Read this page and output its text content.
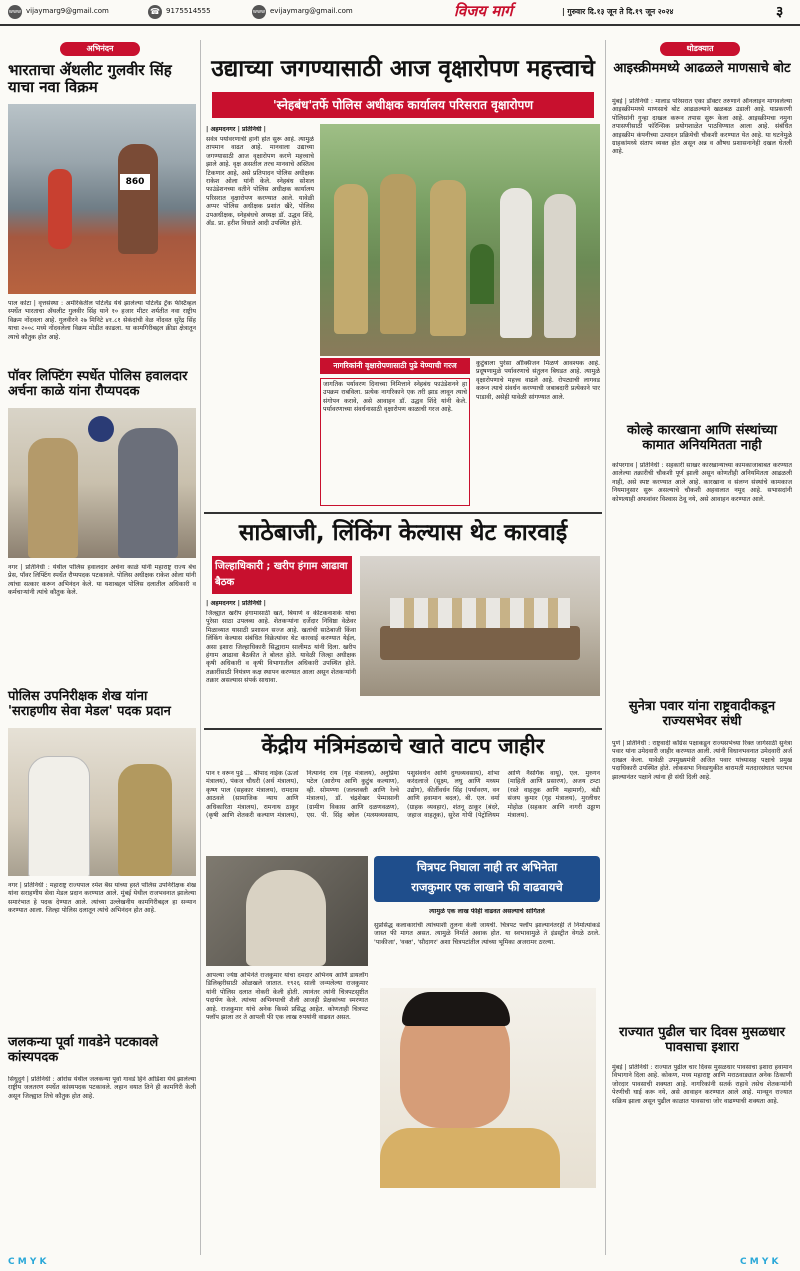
www vijaymarg9@gmail.com	☎ 9175514555	www evijaymarg@gmail.com	विजय मार्ग	| गुरुवार दि.१३ जून ते दि.१९ जून २०२४	३
अभिनंदन
भारताचा ॲथलीट गुलवीर सिंह याचा नवा विक्रम
860
पाल कोटा | वृत्तसंस्था : अमेरिकेतील पोर्टलँड येथे झालेल्या पोर्टलँड ट्रॅक फेस्टिव्हल स्पर्धेत भारताचा ॲथलीट गुलवीर सिंह याने १० हजार मीटर शर्यतीत नवा राष्ट्रीय विक्रम नोंदवला आहे. गुलवीरने २७ मिनिटे ४१.८१ सेकंदांची वेळ नोंदवत सुरेंद्र सिंह याचा २००८ मध्ये नोंदवलेला विक्रम मोडीत काढला. या कामगिरीबद्दल क्रीडा क्षेत्रातून त्याचे कौतुक होत आहे.
पॉवर लिफ्टिंग स्पर्धेत पोलिस हवालदार अर्चना काळे यांना रौप्यपदक
नगर | प्रतिनिधी : येथील पोलिस हवालदार अर्चना काळे यांनी महाराष्ट्र राज्य बेंच प्रेस, पॉवर लिफ्टिंग स्पर्धेत रौप्यपदक पटकावले. पोलिस अधीक्षक राकेश ओला यांनी त्यांचा सत्कार करून अभिनंदन केले. या यशाबद्दल पोलिस दलातील अधिकारी व कर्मचाऱ्यांनी त्यांचे कौतुक केले.
पोलिस उपनिरीक्षक शेख यांना 'सराहणीय सेवा मेडल' पदक प्रदान
नगर | प्रतिनिधी : महाराष्ट्र राज्यपाल रमेश बैस यांच्या हस्ते पोलिस उपनिरीक्षक शेख यांना सराहणीय सेवा मेडल प्रदान करण्यात आले. मुंबई येथील राजभवनात झालेल्या समारंभात हे पदक देण्यात आले. त्यांच्या उल्लेखनीय कामगिरीबद्दल हा सन्मान करण्यात आला. जिल्हा पोलिस दलातून त्यांचे अभिनंदन होत आहे.
जलकन्या पूर्वा गावडेने पटकावले कांस्यपदक
सिंधुदुर्ग | प्रतिनिधी : ओरोस येथील जलकन्या पूर्वा गावडे हिने ओडिशा येथे झालेल्या राष्ट्रीय जलतरण स्पर्धेत कांस्यपदक पटकावले. लहान वयात तिने ही कामगिरी केली असून जिल्ह्यात तिचे कौतुक होत आहे.
उद्याच्या जगण्यासाठी आज वृक्षारोपण महत्त्वाचे
'स्नेहबंध'तर्फे पोलिस अधीक्षक कार्यालय परिसरात वृक्षारोपण
| अहमदनगर | प्रतिनिधी |
सर्वत्र पर्यावरणाची हानी होत सुरू आहे. त्यामुळे तापमान वाढत आहे. मानवाला उद्याच्या जगण्यासाठी आज वृक्षारोपण करणे महत्त्वाचे झाले आहे. वृक्ष असतील तरच मानवाचे अस्तित्व टिकणार आहे, असे प्रतिपादन पोलिस अधीक्षक राकेश ओला यांनी केले. स्नेहबंध सोशल फाउंडेशनच्या वतीने पोलिस अधीक्षक कार्यालय परिसरात वृक्षारोपण करण्यात आले. यावेळी अप्पर पोलिस अधीक्षक प्रशांत खैरे, पोलिस उपअधीक्षक, स्नेहबंधचे अध्यक्ष डॉ. उद्धव शिंदे, ॲड. प्रा. हरीश विधाते आदी उपस्थित होते.
नागरिकांनी वृक्षारोपणासाठी पुढे येण्याची गरज
जागतिक पर्यावरण दिनाच्या निमित्ताने स्नेहबंध फाउंडेशनने हा उपक्रम राबविला. प्रत्येक नागरिकाने एक तरी झाड लावून त्याचे संगोपन करावे, असे आवाहन डॉ. उद्धव शिंदे यांनी केले. पर्यावरणाच्या संवर्धनासाठी वृक्षारोपण काळाची गरज आहे.
कुटुंबाला पुरेसा ऑक्सिजन मिळणे आवश्यक आहे. प्रदूषणामुळे पर्यावरणाचे संतुलन बिघडत आहे. त्यामुळे वृक्षारोपणाचे महत्त्व वाढले आहे. रोपट्याची लागवड करून त्याचे संवर्धन करण्याची जबाबदारी प्रत्येकाने पार पाडावी, असेही यावेळी सांगण्यात आले.
साठेबाजी, लिंकिंग केल्यास थेट कारवाई
जिल्हाधिकारी ; खरीप हंगाम आढावा बैठक
| अहमदनगर | प्रतिनिधी |
जिल्ह्यात खरीप हंगामासाठी खते, बियाणे व कीटकनाशके यांचा पुरेसा साठा उपलब्ध आहे. शेतकऱ्यांना दर्जेदार निविष्ठा वेळेवर मिळाव्यात यासाठी प्रशासन सज्ज आहे. खतांची साठेबाजी किंवा लिंकिंग केल्यास संबंधित विक्रेत्यांवर थेट कारवाई करण्यात येईल, असा इशारा जिल्हाधिकारी सिद्धाराम सालीमठ यांनी दिला. खरीप हंगाम आढावा बैठकीत ते बोलत होते. यावेळी जिल्हा अधीक्षक कृषी अधिकारी व कृषी विभागातील अधिकारी उपस्थित होते. तक्रारींसाठी नियंत्रण कक्ष स्थापन करण्यात आला असून शेतकऱ्यांनी तक्रार असल्यास संपर्क साधावा.
केंद्रीय मंत्रिमंडळाचे खाते वाटप जाहीर
पान १ वरून पुढे ... श्रीपाद नाईक (ऊर्जा मंत्रालय), पंकज चौधरी (अर्थ मंत्रालय), कृष्ण पाल (सहकार मंत्रालय), रामदास आठवले (सामाजिक न्याय आणि अधिकारिता मंत्रालय), रामनाथ ठाकूर (कृषी आणि शेतकरी कल्याण मंत्रालय), नित्यानंद राय (गृह मंत्रालय), अनुप्रिया पटेल (आरोग्य आणि कुटुंब कल्याण), व्ही. सोमण्णा (जलशक्ती आणि रेल्वे मंत्रालय), डॉ. चंद्रशेखर पेम्मासानी (ग्रामीण विकास आणि दळणवळण), एस. पी. सिंह बघेल (मत्स्यव्यवसाय, पशुसंवर्धन आणि दुग्धव्यवसाय), शोभा करंदलाजे (सूक्ष्म, लघु आणि मध्यम उद्योग), कीर्तीवर्धन सिंह (पर्यावरण, वन आणि हवामान बदल), बी. एल. वर्मा (ग्राहक व्यवहार), शंतनू ठाकूर (बंदरे, जहाज वाहतूक), सुरेश गोपी (पेट्रोलियम आणि नैसर्गिक वायू), एल. मुरुगन (माहिती आणि प्रसारण), अजय टम्टा (रस्ते वाहतूक आणि महामार्ग), बंडी संजय कुमार (गृह मंत्रालय), मुरलीधर मोहोळ (सहकार आणि नागरी उड्डाण मंत्रालय).
चित्रपट निघाला नाही तर अभिनेता
राजकुमार एक लाखाने फी वाढवायचे
आपल्या ज्येष्ठ अभिनेते राजकुमार यांचा दमदार अभिनय आणि डायलॉग डिलिव्हरीसाठी ओळखले जातात. १९२६ साली जन्मलेल्या राजकुमार यांनी पोलिस दलात नोकरी केली होती. त्यानंतर त्यांनी चित्रपटसृष्टीत पदार्पण केले. त्यांच्या अभिनयाची शैली आजही प्रेक्षकांच्या स्मरणात आहे. राजकुमार यांचे अनेक किस्से प्रसिद्ध आहेत. कोणताही चित्रपट फ्लॉप झाला तर ते आपली फी एक लाख रुपयांनी वाढवत असत.
त्यामुळे एक लाख फीही वाढवत असल्याचे सांगितले
सुप्रसिद्ध कलाकारांची त्यांच्याशी तुलना केली जायची. चित्रपट फ्लॉप झाल्यानंतरही ते निर्मात्यांकडे जास्त फी मागत असत. त्यामुळे निर्माते अवाक होत. या स्वभावामुळे ते इंडस्ट्रीत वेगळे ठरले. 'पाकीजा', 'वक्त', 'सौदागर' अशा चित्रपटांतील त्यांच्या भूमिका अजरामर ठरल्या.
थोडक्यात
आइस्क्रीममध्ये आढळले माणसाचे बोट
मुंबई | प्रतिनिधी : मालाड परिसरात एका डॉक्टर तरुणाने ऑनलाइन मागवलेल्या आइस्क्रीममध्ये माणसाचे बोट आढळल्याने खळबळ उडाली आहे. याप्रकरणी पोलिसांनी गुन्हा दाखल करून तपास सुरू केला आहे. आइस्क्रीमचा नमुना तपासणीसाठी फॉरेन्सिक प्रयोगशाळेत पाठविण्यात आला आहे. संबंधित आइस्क्रीम कंपनीच्या उत्पादन प्रक्रियेची चौकशी करण्यात येत आहे. या घटनेमुळे ग्राहकांमध्ये संताप व्यक्त होत असून अन्न व औषध प्रशासनानेही दखल घेतली आहे.
कोल्हे कारखाना आणि संस्थांच्या कामात अनियमितता नाही
कोपरगाव | प्रतिनिधी : सहकारी साखर कारखान्याच्या कामकाजाबाबत करण्यात आलेल्या तक्रारीची चौकशी पूर्ण झाली असून कोणतीही अनियमितता आढळली नाही, असे स्पष्ट करण्यात आले आहे. कारखाना व संलग्न संस्थांचे कामकाज नियमानुसार सुरू असल्याचे चौकशी अहवालात नमूद आहे. सभासदांनी कोणत्याही अफवांवर विश्वास ठेवू नये, असे आवाहन करण्यात आले.
सुनेत्रा पवार यांना राष्ट्रवादीकडून राज्यसभेवर संधी
पुणे | प्रतिनिधी : राष्ट्रवादी काँग्रेस पक्षाकडून राज्यसभेच्या रिक्त जागेसाठी सुनेत्रा पवार यांना उमेदवारी जाहीर करण्यात आली. त्यांनी विधानभवनात उमेदवारी अर्ज दाखल केला. यावेळी उपमुख्यमंत्री अजित पवार यांच्यासह पक्षाचे प्रमुख पदाधिकारी उपस्थित होते. लोकसभा निवडणुकीत बारामती मतदारसंघात पराभव झाल्यानंतर पक्षाने त्यांना ही संधी दिली आहे.
राज्यात पुढील चार दिवस मुसळधार पावसाचा इशारा
मुंबई | प्रतिनिधी : राज्यात पुढील चार दिवस मुसळधार पावसाचा इशारा हवामान विभागाने दिला आहे. कोकण, मध्य महाराष्ट्र आणि मराठवाड्यात अनेक ठिकाणी जोरदार पावसाची शक्यता आहे. नागरिकांनी सतर्क राहावे तसेच शेतकऱ्यांनी पेरणीची घाई करू नये, असे आवाहन करण्यात आले आहे. मान्सून राज्यात सक्रिय झाला असून पुढील काळात पावसाचा जोर वाढण्याची शक्यता आहे.
C M Y K	C M Y K
